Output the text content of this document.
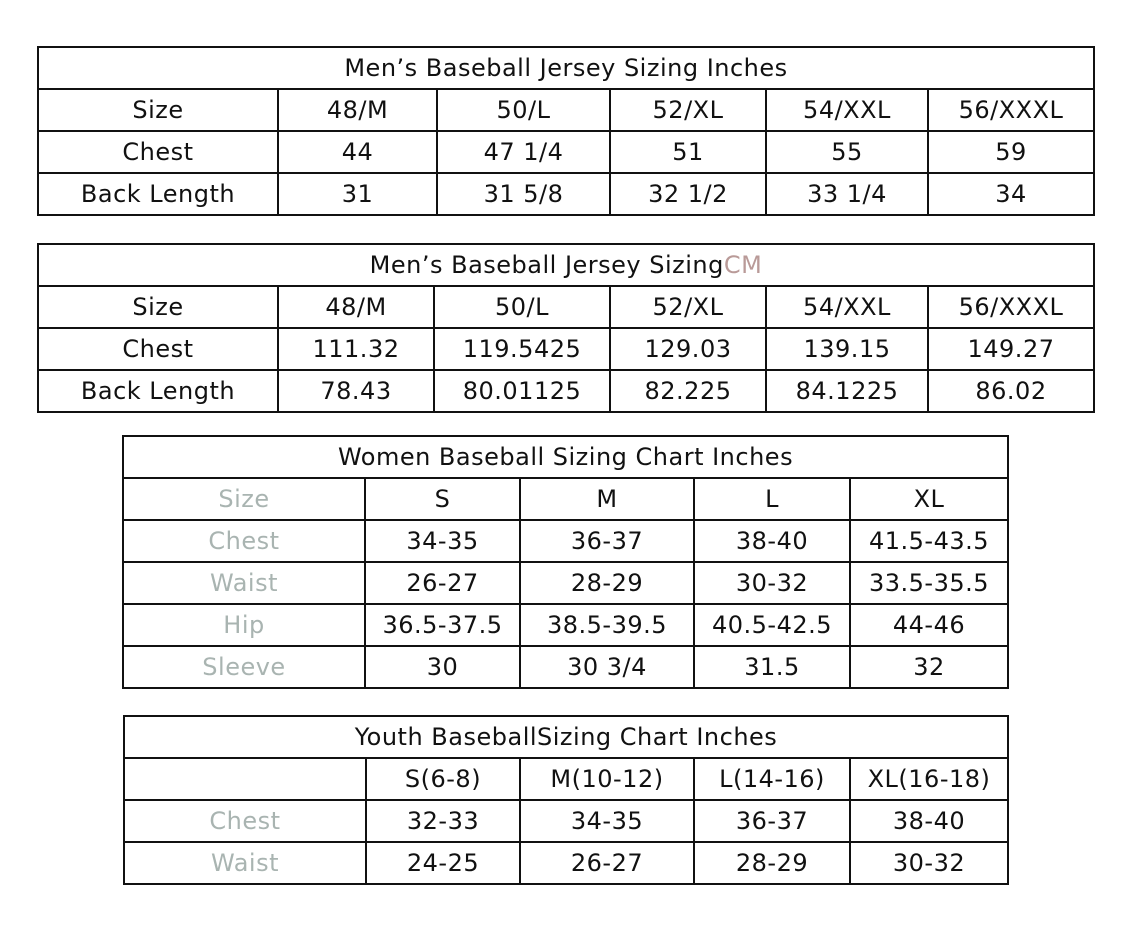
Men’s Baseball Jersey Sizing Inches					
Size	48/M	50/L	52/XL	54/XXL	56/XXXL
Chest	44	47 1/4	51	55	59
Back Length	31	31 5/8	32 1/2	33 1/4	34
Men’s Baseball Jersey SizingCM					
Size	48/M	50/L	52/XL	54/XXL	56/XXXL
Chest	111.32	119.5425	129.03	139.15	149.27
Back Length	78.43	80.01125	82.225	84.1225	86.02
Women Baseball Sizing Chart Inches				
Size	S	M	L	XL
Chest	34-35	36-37	38-40	41.5-43.5
Waist	26-27	28-29	30-32	33.5-35.5
Hip	36.5-37.5	38.5-39.5	40.5-42.5	44-46
Sleeve	30	30 3/4	31.5	32
Youth BaseballSizing Chart Inches				
	S(6-8)	M(10-12)	L(14-16)	XL(16-18)
Chest	32-33	34-35	36-37	38-40
Waist	24-25	26-27	28-29	30-32
